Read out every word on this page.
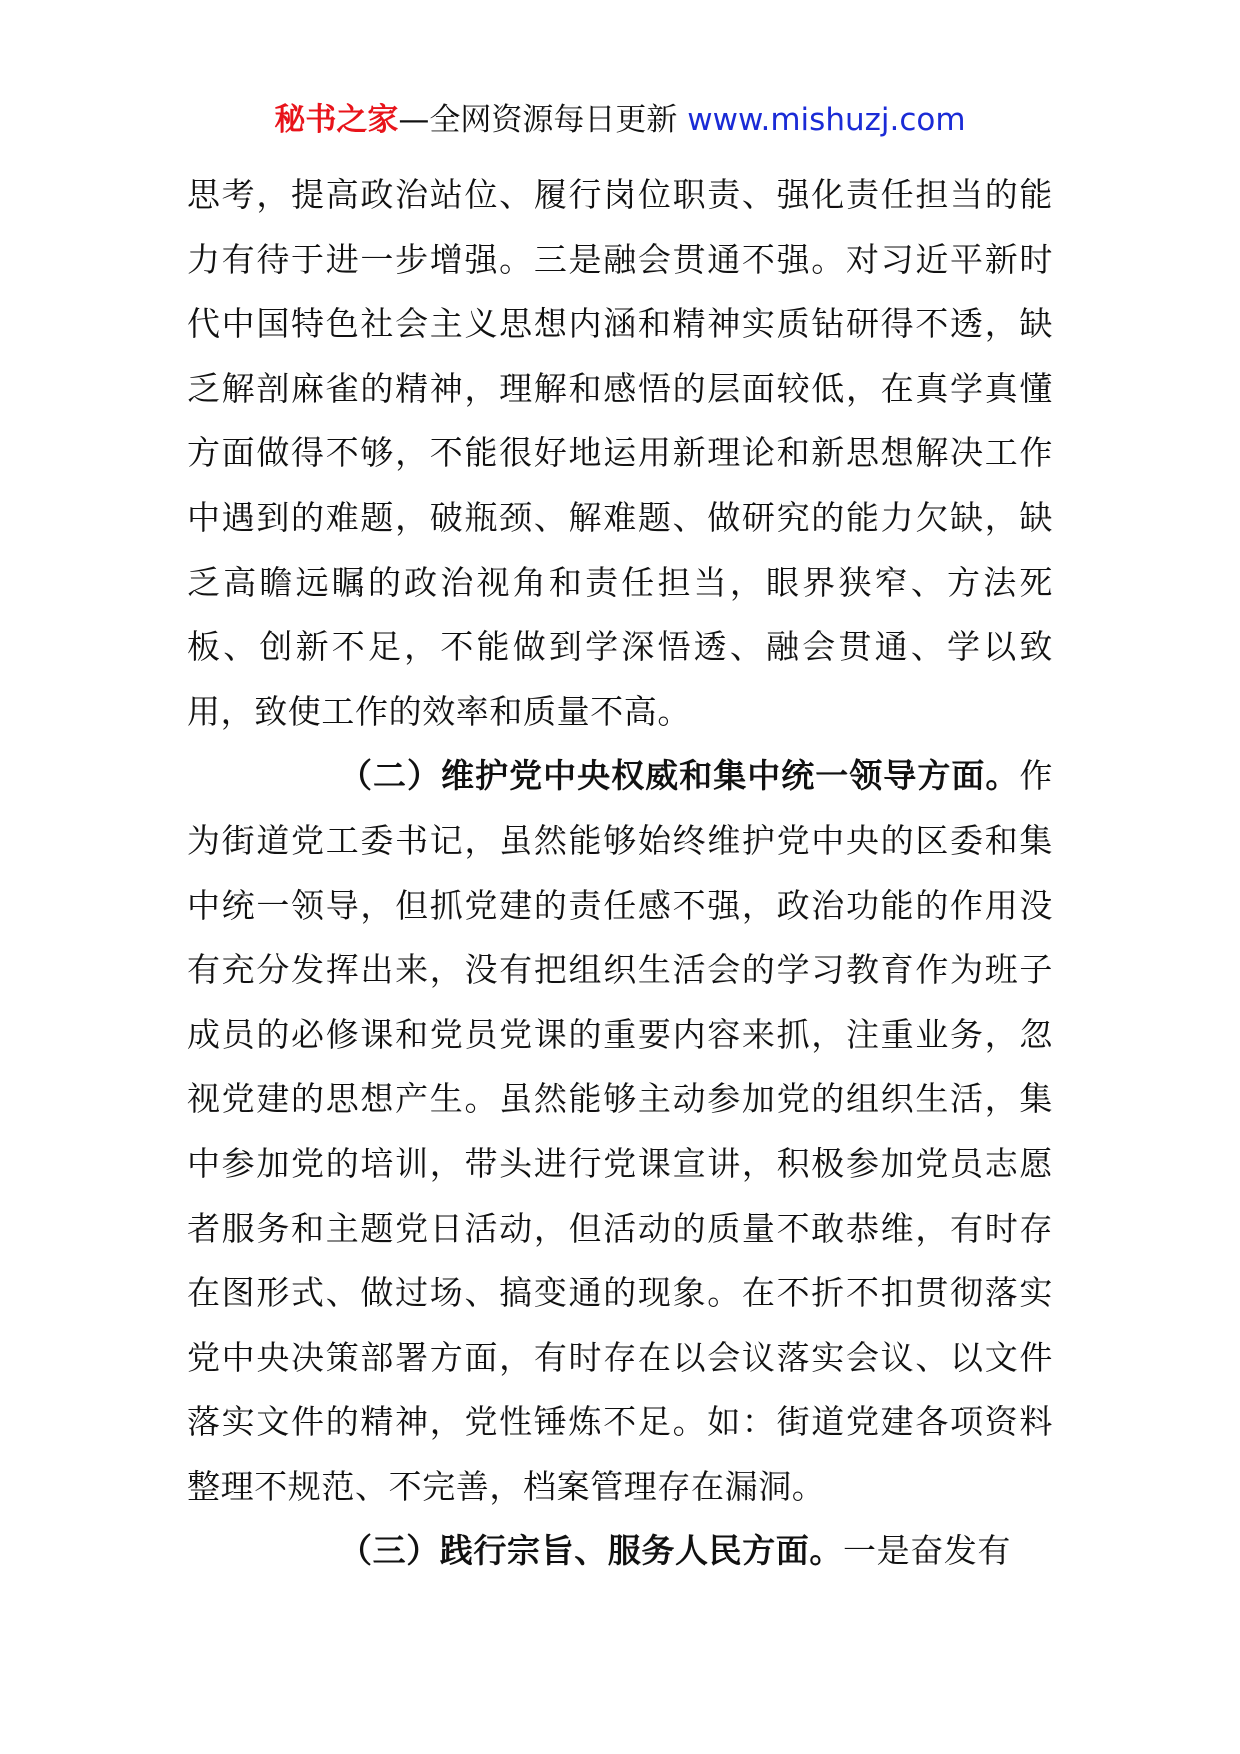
秘书之家—全网资源每日更新 www.mishuzj.com

思考，提高政治站位、履行岗位职责、强化责任担当的能力有待于进一步增强。三是融会贯通不强。对习近平新时代中国特色社会主义思想内涵和精神实质钻研得不透，缺乏解剖麻雀的精神，理解和感悟的层面较低，在真学真懂方面做得不够，不能很好地运用新理论和新思想解决工作中遇到的难题，破瓶颈、解难题、做研究的能力欠缺，缺乏高瞻远瞩的政治视角和责任担当，眼界狭窄、方法死板、创新不足，不能做到学深悟透、融会贯通、学以致用，致使工作的效率和质量不高。

（二）维护党中央权威和集中统一领导方面。作为街道党工委书记，虽然能够始终维护党中央的区委和集中统一领导，但抓党建的责任感不强，政治功能的作用没有充分发挥出来，没有把组织生活会的学习教育作为班子成员的必修课和党员党课的重要内容来抓，注重业务，忽视党建的思想产生。虽然能够主动参加党的组织生活，集中参加党的培训，带头进行党课宣讲，积极参加党员志愿者服务和主题党日活动，但活动的质量不敢恭维，有时存在图形式、做过场、搞变通的现象。在不折不扣贯彻落实党中央决策部署方面，有时存在以会议落实会议、以文件落实文件的精神，党性锤炼不足。如：街道党建各项资料整理不规范、不完善，档案管理存在漏洞。

（三）践行宗旨、服务人民方面。一是奋发有
